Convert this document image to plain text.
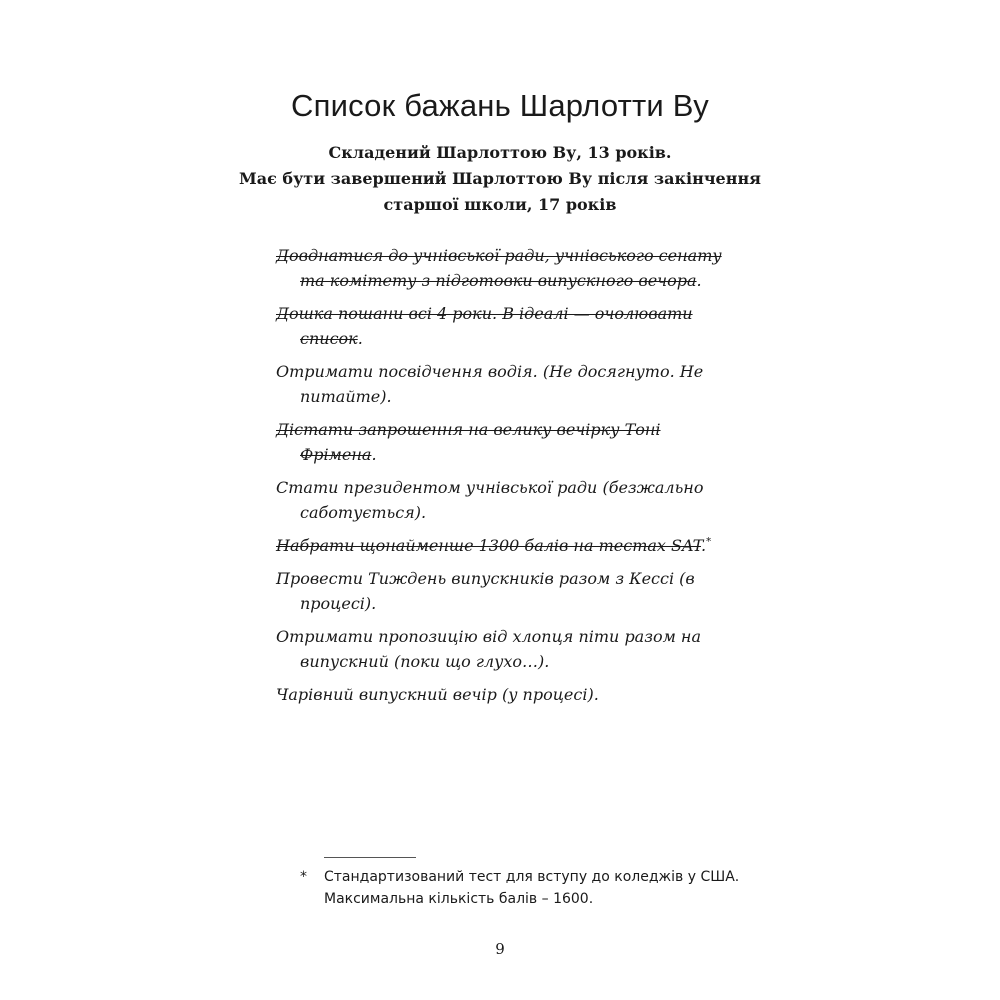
Список бажань Шарлотти Ву
Складений Шарлоттою Ву, 13 років.
Має бути завершений Шарлоттою Ву після закінчення
старшої школи, 17 років
Довднатися до учнівської ради, учнівського сенату та комітету з підготовки випускного вечора.
Дошка пошани всі 4 роки. В ідеалі — очолювати список.
Отримати посвідчення водія. (Не досягнуто. Не питайте).
Дістати запрошення на велику вечірку Тоні Фрімена.
Стати президентом учнівської ради (безжально саботується).
Набрати щонайменше 1300 балів на тестах SAT.*
Провести Тиждень випускників разом з Кессі (в процесі).
Отримати пропозицію від хлопця піти разом на випускний (поки що глухо…).
Чарівний випускний вечір (у процесі).
* Стандартизований тест для вступу до коледжів у США.
Максимальна кількість балів – 1600.
9
